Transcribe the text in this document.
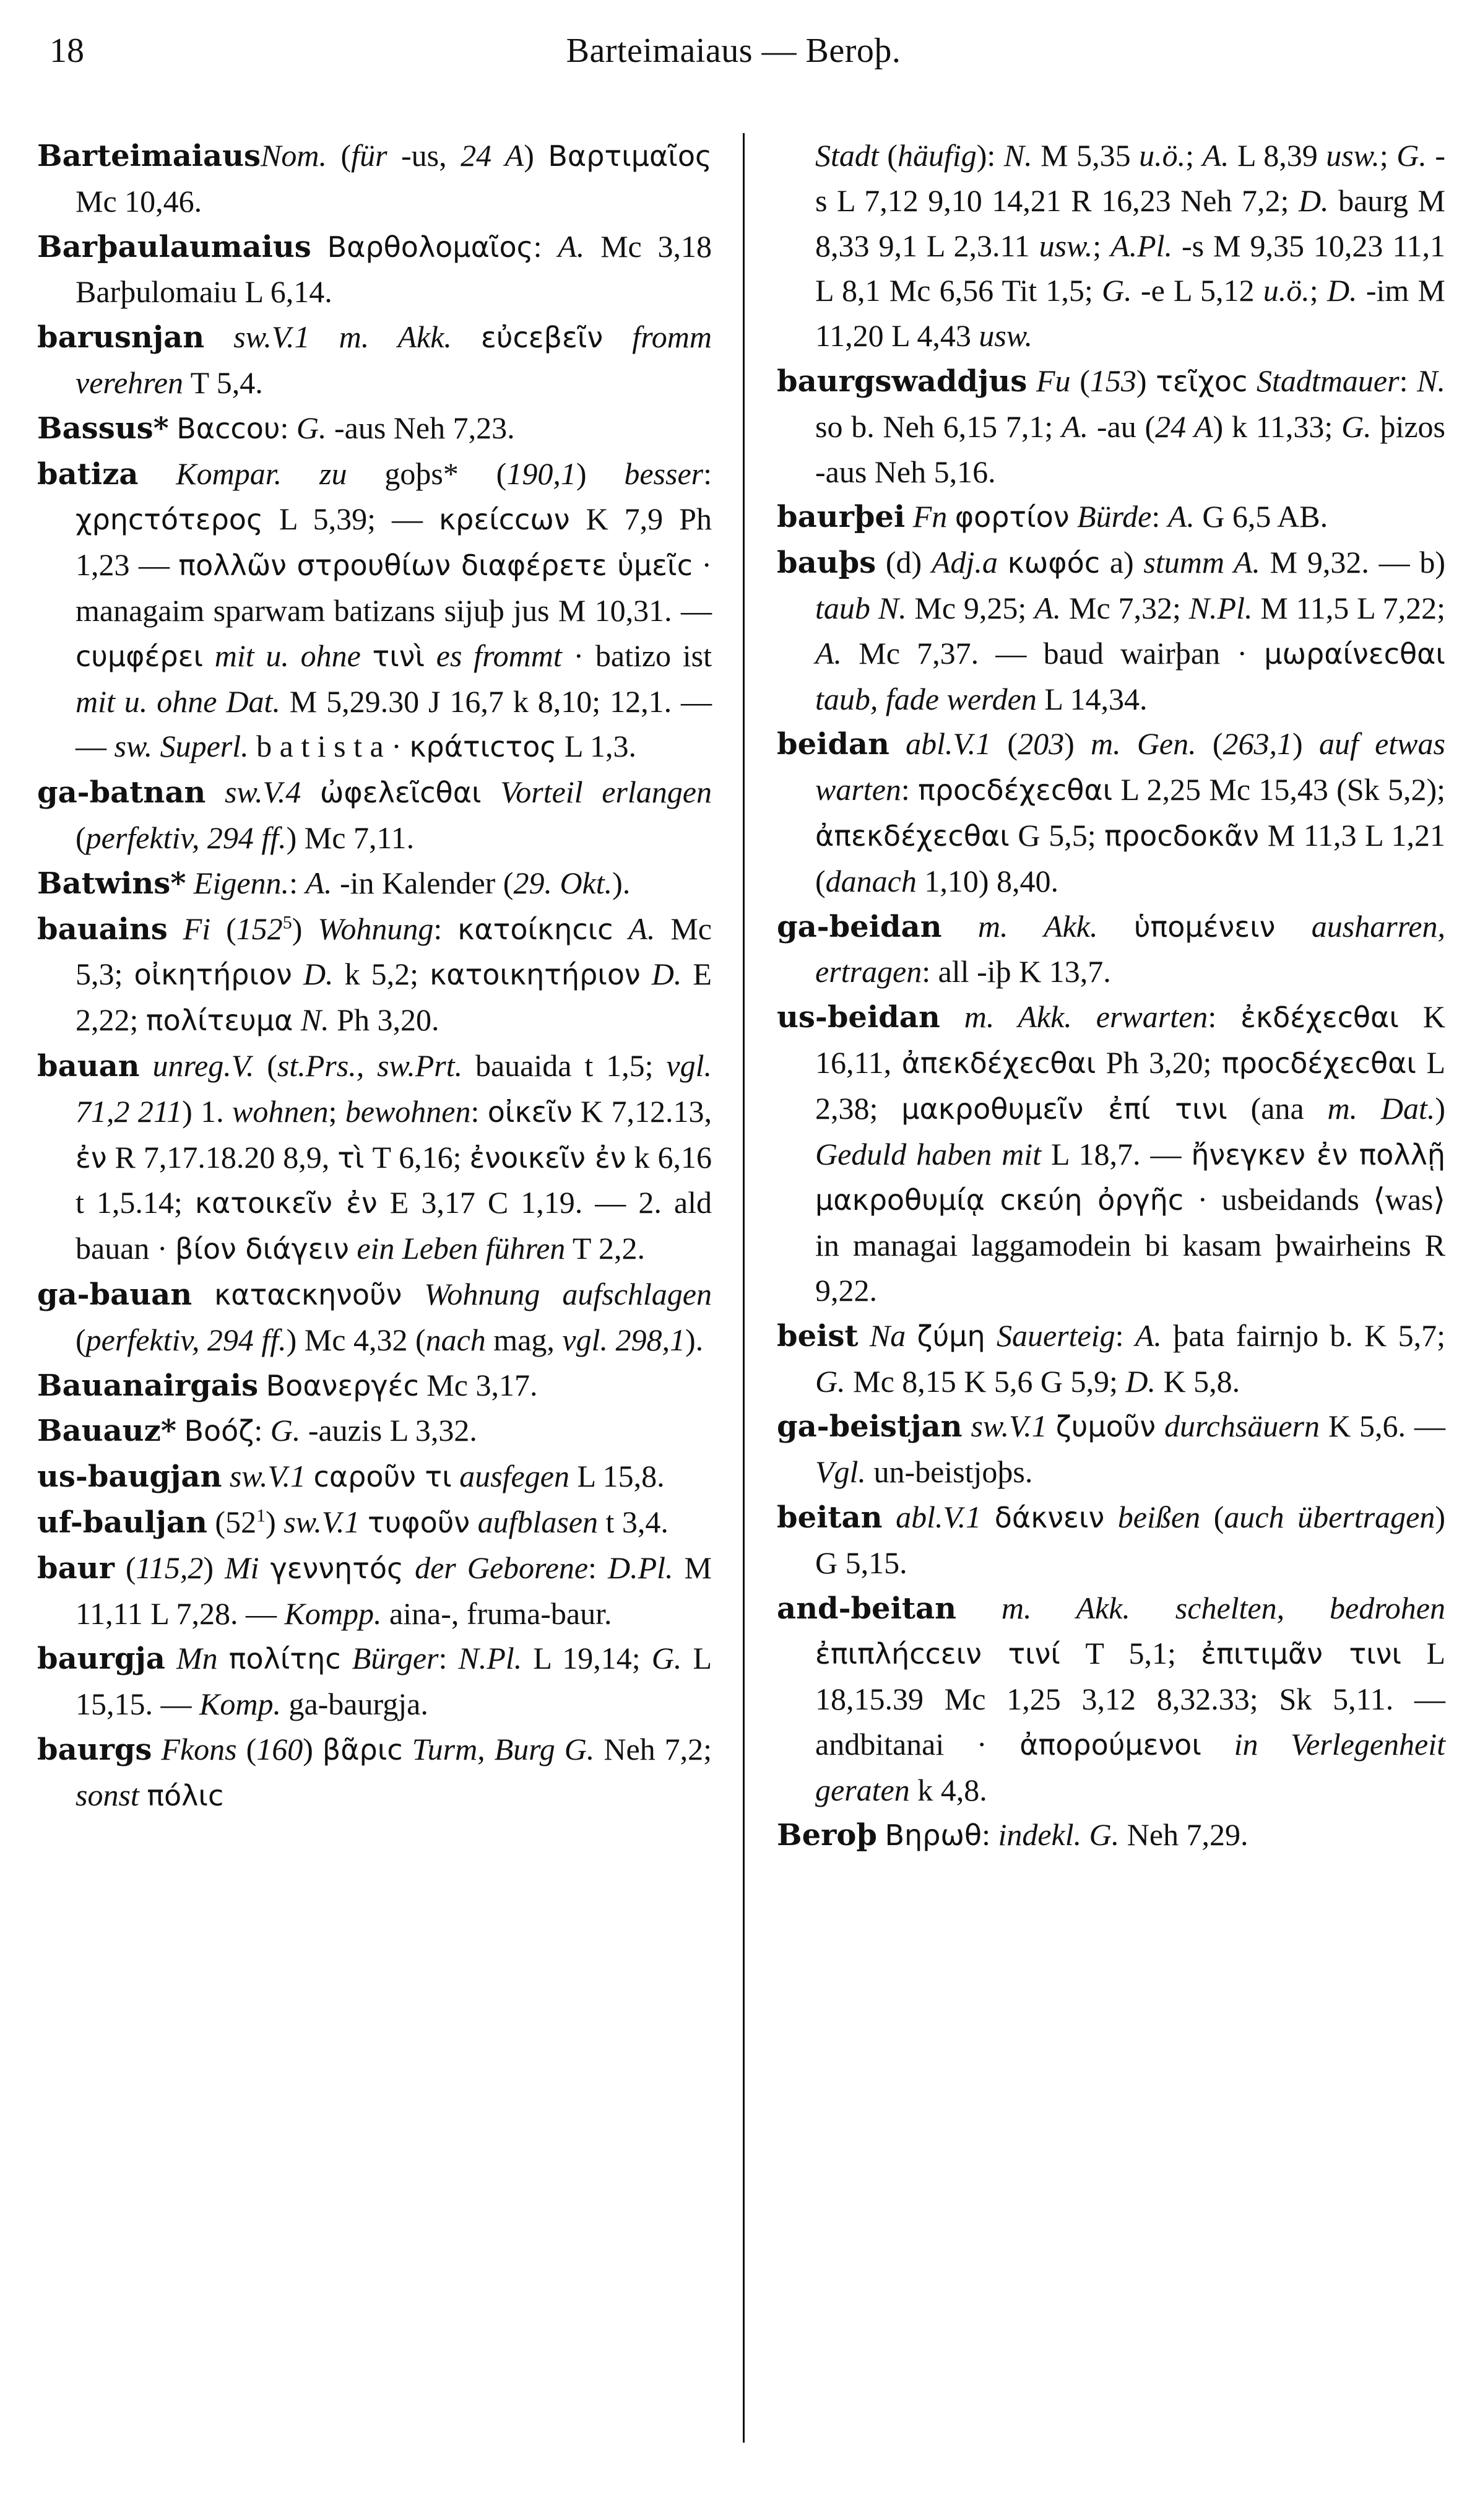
18	Barteimaiaus — Beroþ.

BarteimaiausNom. (für -us, 24 A) Βαρτιμαῖος Mc 10,46.

Barþaulaumaius Βαρθολομαῖος: A. Mc 3,18 Barþulomaiu L 6,14.

barusnjan sw.V.1 m. Akk. εὐcεβεῖν fromm verehren T 5,4.

Bassus* Βαccου: G. -aus Neh 7,23.

batiza Kompar. zu goþs* (190,1) besser: χρηcτότερος L 5,39; — κρείccων K 7,9 Ph 1,23 — πολλῶν στρουθίων διαφέρετε ὑμεῖc · managaim sparwam batizans sijuþ jus M 10,31. — cυμφέρει mit u. ohne τινὶ es frommt · batizo ist mit u. ohne Dat. M 5,29.30 J 16,7 k 8,10; 12,1. — — sw. Superl. b a t i s t a · κράτιcτος L 1,3.

ga-batnan sw.V.4 ὠφελεῖcθαι Vorteil erlangen (perfektiv, 294 ff.) Mc 7,11.

Batwins* Eigenn.: A. -in Kalender (29. Okt.).

bauains Fi $(152^5)$ Wohnung: κατοίκηcιc A. Mc 5,3; οἰκητήριον D. k 5,2; κατοικητήριον D. E 2,22; πολίτευμα N. Ph 3,20.

bauan unreg.V. (st.Prs., sw.Prt. bauaida t 1,5; vgl. 71,2 211) 1. wohnen; bewohnen: οἰκεῖν K 7,12.13, ἐν R 7,17.18.20 8,9, τὶ T 6,16; ἐνοικεῖν ἐν k 6,16 t 1,5.14; κατοικεῖν ἐν E 3,17 C 1,19. — 2. ald bauan · βίον διάγειν ein Leben führen T 2,2.

ga-bauan καταcκηνοῦν Wohnung aufschlagen (perfektiv, 294 ff.) Mc 4,32 (nach mag, vgl. 298,1).

Bauanairgais Βοανεργέc Mc 3,17.

Bauauz* Βοόζ: G. -auzis L 3,32.

us-baugjan sw.V.1 cαροῦν τι ausfegen L 15,8.

uf-bauljan $(52^1)$ sw.V.1 τυφοῦν aufblasen t 3,4.

baur (115,2) Mi γεννητός der Geborene: D.Pl. M 11,11 L 7,28. — Kompp. aina-, fruma-baur.

baurgja Mn πολίτηc Bürger: N.Pl. L 19,14; G. L 15,15. — Komp. ga-baurgja.

baurgs Fkons (160) βᾶριc Turm, Burg G. Neh 7,2; sonst πόλιc

Stadt (häufig): N. M 5,35 u.ö.; A. L 8,39 usw.; G. -s L 7,12 9,10 14,21 R 16,23 Neh 7,2; D. baurg M 8,33 9,1 L 2,3.11 usw.; A.Pl. -s M 9,35 10,23 11,1 L 8,1 Mc 6,56 Tit 1,5; G. -e L 5,12 u.ö.; D. -im M 11,20 L 4,43 usw.

baurgswaddjus Fu (153) τεῖχοc Stadtmauer: N. so b. Neh 6,15 7,1; A. -au (24 A) k 11,33; G. þizos -aus Neh 5,16.

baurþei Fn φορτίον Bürde: A. G 6,5 AB.

bauþs (d) Adj.a κωφόc a) stumm A. M 9,32. — b) taub N. Mc 9,25; A. Mc 7,32; N.Pl. M 11,5 L 7,22; A. Mc 7,37. — baud wairþan · μωραίνεcθαι taub, fade werden L 14,34.

beidan abl.V.1 (203) m. Gen. (263,1) auf etwas warten: προcδέχεcθαι L 2,25 Mc 15,43 (Sk 5,2); ἀπεκδέχεcθαι G 5,5; προcδοκᾶν M 11,3 L 1,21 (danach 1,10) 8,40.

ga-beidan m. Akk. ὑπομένειν ausharren, ertragen: all -iþ K 13,7.

us-beidan m. Akk. erwarten: ἐκδέχεcθαι K 16,11, ἀπεκδέχεcθαι Ph 3,20; προcδέχεcθαι L 2,38; μακροθυμεῖν ἐπί τινι (ana m. Dat.) Geduld haben mit L 18,7. — ἤνεγκεν ἐν πολλῇ μακροθυμίᾳ cκεύη ὀργῆc · usbeidands ⟨was⟩ in managai laggamodein bi kasam þwairheins R 9,22.

beist Na ζύμη Sauerteig: A. þata fairnjo b. K 5,7; G. Mc 8,15 K 5,6 G 5,9; D. K 5,8.

ga-beistjan sw.V.1 ζυμοῦν durchsäuern K 5,6. — Vgl. un-beistjoþs.

beitan abl.V.1 δάκνειν beißen (auch übertragen) G 5,15.

and-beitan m. Akk. schelten, bedrohen ἐπιπλήccειν τινί T 5,1; ἐπιτιμᾶν τινι L 18,15.39 Mc 1,25 3,12 8,32.33; Sk 5,11. — andbitanai · ἀπορούμενοι in Verlegenheit geraten k 4,8.

Beroþ Βηρωθ: indekl. G. Neh 7,29.
